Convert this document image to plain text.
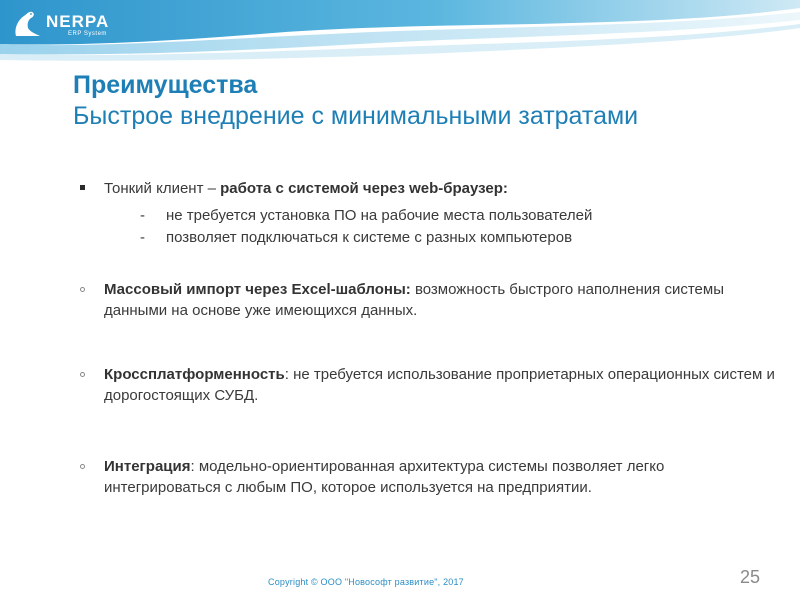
NERPA
ERP System
Преимущества
Быстрое внедрение с минимальными затратами
Тонкий клиент – работа с системой через web-браузер:
- не требуется установка ПО на рабочие места пользователей
- позволяет подключаться к системе с разных компьютеров
Массовый импорт через Excel-шаблоны: возможность быстрого наполнения системы данными на основе уже имеющихся данных.
Кроссплатформенность: не требуется использование проприетарных операционных систем и дорогостоящих СУБД.
Интеграция: модельно-ориентированная архитектура системы позволяет легко интегрироваться с любым ПО, которое используется на предприятии.
Copyright © ООО "Новософт развитие", 2017	25
